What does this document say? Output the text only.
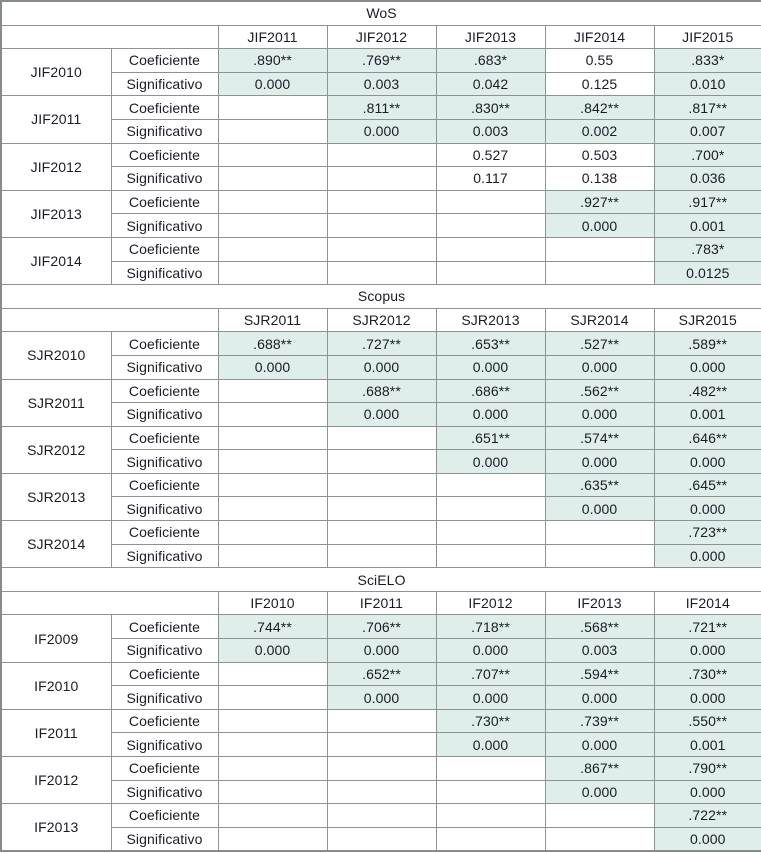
WoS						
		JIF2011	JIF2012	JIF2013	JIF2014	JIF2015
JIF2010	Coeficiente	.890**	.769**	.683*	0.55	.833*
	Significativo	0.000	0.003	0.042	0.125	0.010
JIF2011	Coeficiente		.811**	.830**	.842**	.817**
	Significativo		0.000	0.003	0.002	0.007
JIF2012	Coeficiente			0.527	0.503	.700*
	Significativo			0.117	0.138	0.036
JIF2013	Coeficiente				.927**	.917**
	Significativo				0.000	0.001
JIF2014	Coeficiente					.783*
	Significativo					0.0125
Scopus						
		SJR2011	SJR2012	SJR2013	SJR2014	SJR2015
SJR2010	Coeficiente	.688**	.727**	.653**	.527**	.589**
	Significativo	0.000	0.000	0.000	0.000	0.000
SJR2011	Coeficiente		.688**	.686**	.562**	.482**
	Significativo		0.000	0.000	0.000	0.001
SJR2012	Coeficiente			.651**	.574**	.646**
	Significativo			0.000	0.000	0.000
SJR2013	Coeficiente				.635**	.645**
	Significativo				0.000	0.000
SJR2014	Coeficiente					.723**
	Significativo					0.000
SciELO						
		IF2010	IF2011	IF2012	IF2013	IF2014
IF2009	Coeficiente	.744**	.706**	.718**	.568**	.721**
	Significativo	0.000	0.000	0.000	0.003	0.000
IF2010	Coeficiente		.652**	.707**	.594**	.730**
	Significativo		0.000	0.000	0.000	0.000
IF2011	Coeficiente			.730**	.739**	.550**
	Significativo			0.000	0.000	0.001
IF2012	Coeficiente				.867**	.790**
	Significativo				0.000	0.000
IF2013	Coeficiente					.722**
	Significativo					0.000
